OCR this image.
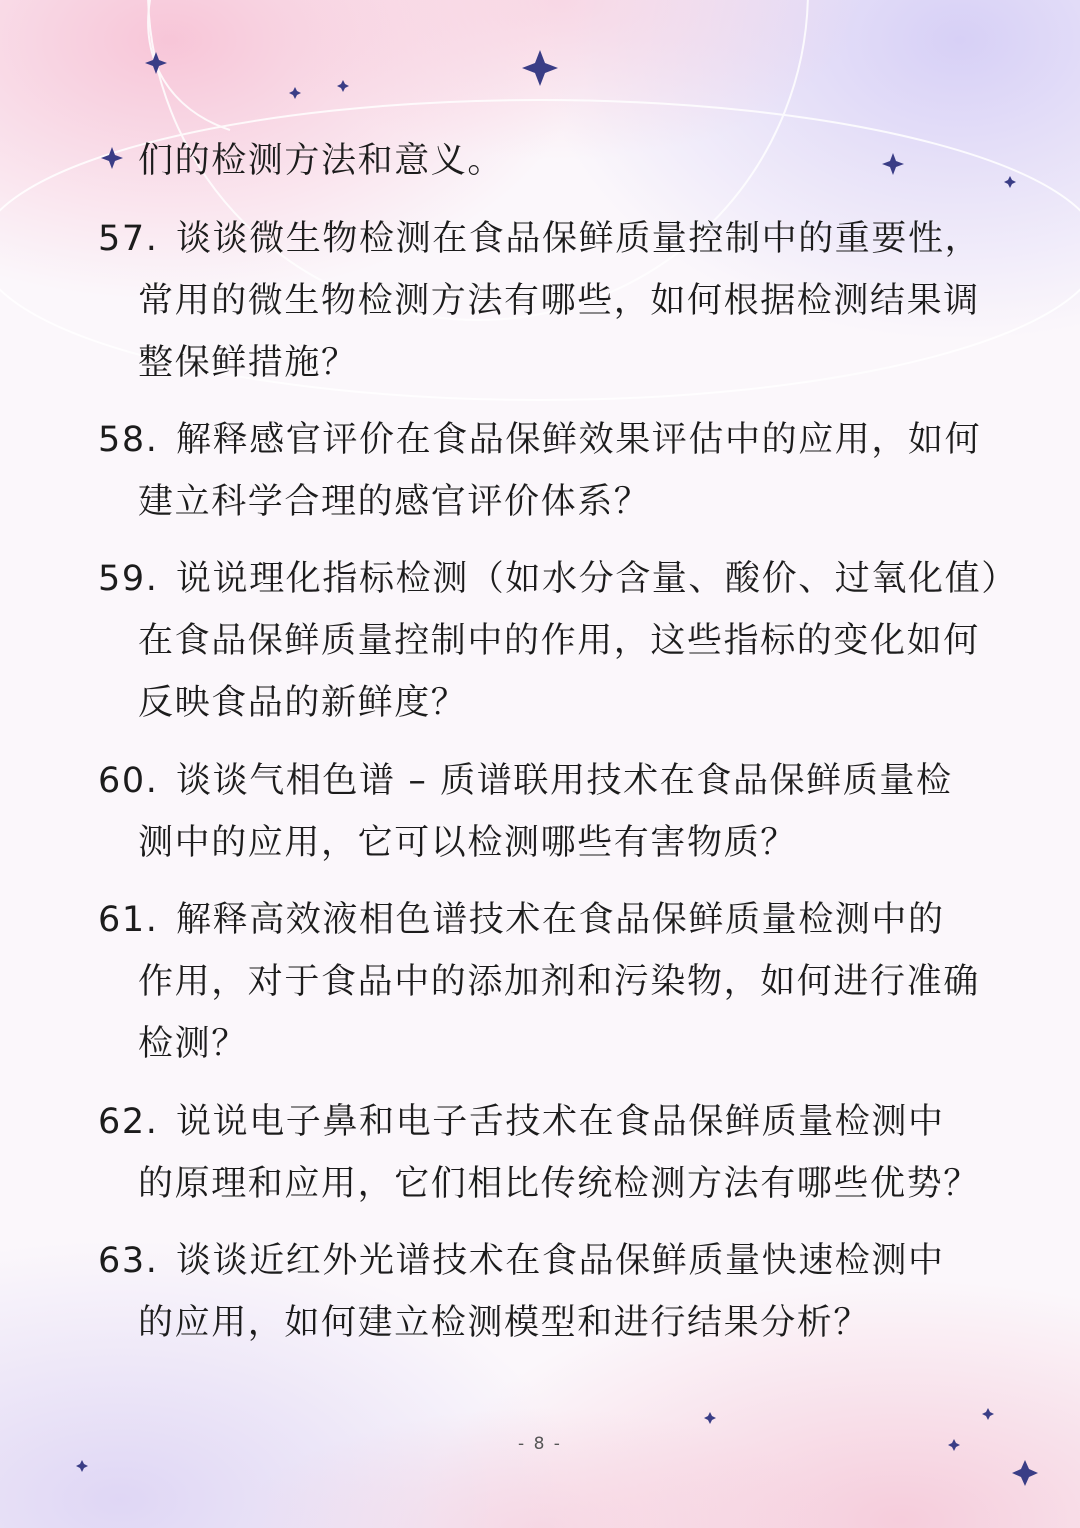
们的检测方法和意义。
57. 谈谈微生物检测在食品保鲜质量控制中的重要性，
常用的微生物检测方法有哪些，如何根据检测结果调
整保鲜措施？
58. 解释感官评价在食品保鲜效果评估中的应用，如何
建立科学合理的感官评价体系？
59. 说说理化指标检测（如水分含量、酸价、过氧化值）
在食品保鲜质量控制中的作用，这些指标的变化如何
反映食品的新鲜度？
60. 谈谈气相色谱 – 质谱联用技术在食品保鲜质量检
测中的应用，它可以检测哪些有害物质？
61. 解释高效液相色谱技术在食品保鲜质量检测中的
作用，对于食品中的添加剂和污染物，如何进行准确
检测？
62. 说说电子鼻和电子舌技术在食品保鲜质量检测中
的原理和应用，它们相比传统检测方法有哪些优势？
63. 谈谈近红外光谱技术在食品保鲜质量快速检测中
的应用，如何建立检测模型和进行结果分析？
- 8 -
